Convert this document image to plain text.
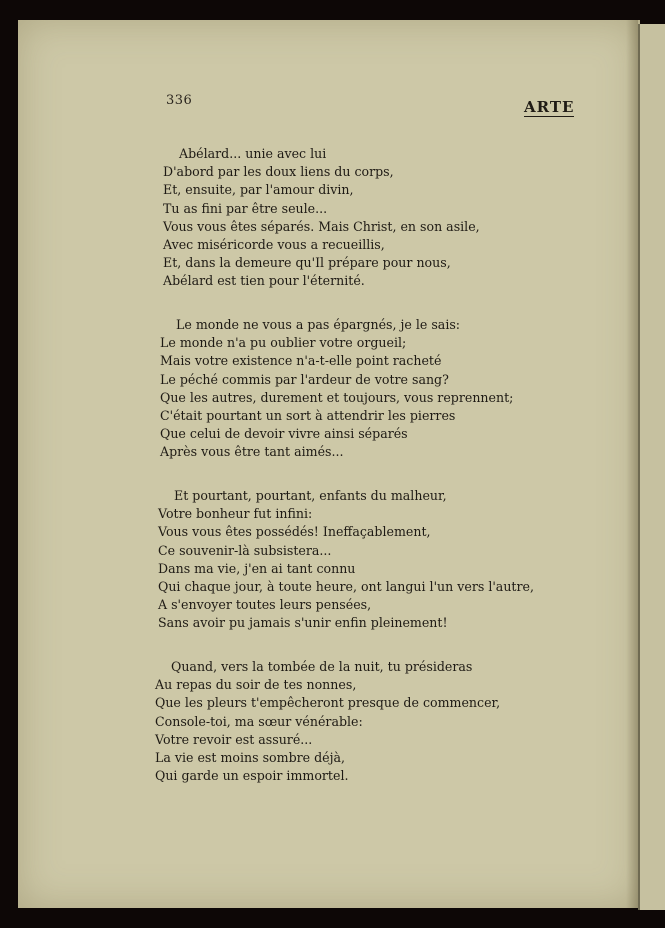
336	ARTE
Abélard... unie avec lui
D'abord par les doux liens du corps,
Et, ensuite, par l'amour divin,
Tu as fini par être seule...
Vous vous êtes séparés. Mais Christ, en son asile,
Avec miséricorde vous a recueillis,
Et, dans la demeure qu'Il prépare pour nous,
Abélard est tien pour l'éternité.
Le monde ne vous a pas épargnés, je le sais:
Le monde n'a pu oublier votre orgueil;
Mais votre existence n'a-t-elle point racheté
Le péché commis par l'ardeur de votre sang?
Que les autres, durement et toujours, vous reprennent;
C'était pourtant un sort à attendrir les pierres
Que celui de devoir vivre ainsi séparés
Après vous être tant aimés...
Et pourtant, pourtant, enfants du malheur,
Votre bonheur fut infini:
Vous vous êtes possédés! Ineffaçablement,
Ce souvenir-là subsistera...
Dans ma vie, j'en ai tant connu
Qui chaque jour, à toute heure, ont langui l'un vers l'autre,
A s'envoyer toutes leurs pensées,
Sans avoir pu jamais s'unir enfin pleinement!
Quand, vers la tombée de la nuit, tu présideras
Au repas du soir de tes nonnes,
Que les pleurs t'empêcheront presque de commencer,
Console-toi, ma sœur vénérable:
Votre revoir est assuré...
La vie est moins sombre déjà,
Qui garde un espoir immortel.
